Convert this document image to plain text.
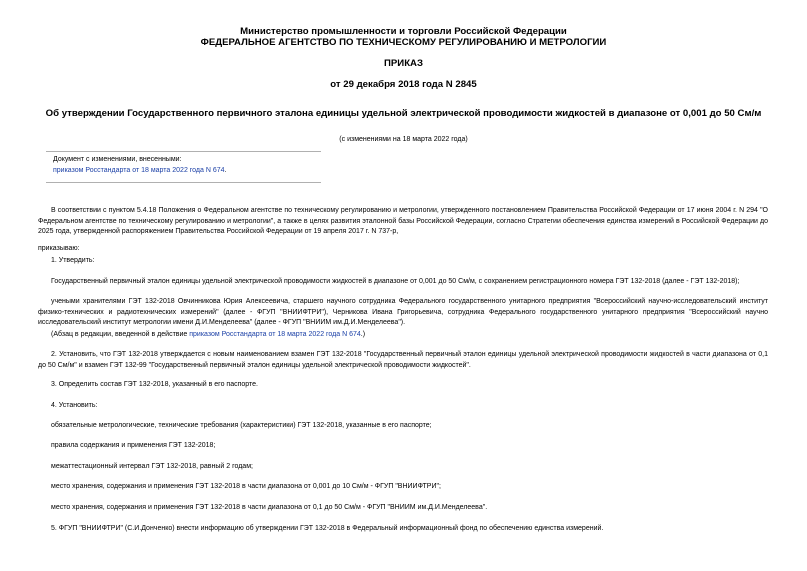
Министерство промышленности и торговли Российской Федерации

ФЕДЕРАЛЬНОЕ АГЕНТСТВО ПО ТЕХНИЧЕСКОМУ РЕГУЛИРОВАНИЮ И МЕТРОЛОГИИ

ПРИКАЗ

от 29 декабря 2018 года N 2845

Об утверждении Государственного первичного эталона единицы удельной электрической проводимости жидкостей в диапазоне от 0,001 до 50 См/м

(с изменениями на 18 марта 2022 года)

Документ с изменениями, внесенными:

приказом Росстандарта от 18 марта 2022 года N 674.

В соответствии с пунктом 5.4.18 Положения о Федеральном агентстве по техническому регулированию и метрологии, утвержденного постановлением Правительства Российской Федерации от 17 июня 2004 г. N 294 "О Федеральном агентстве по техническому регулированию и метрологии", а также в целях развития эталонной базы Российской Федерации, согласно Стратегии обеспечения единства измерений в Российской Федерации до 2025 года, утвержденной распоряжением Правительства Российской Федерации от 19 апреля 2017 г. N 737-р,

приказываю:

1. Утвердить:

Государственный первичный эталон единицы удельной электрической проводимости жидкостей в диапазоне от 0,001 до 50 См/м, с сохранением регистрационного номера ГЭТ 132-2018 (далее - ГЭТ 132-2018);

учеными хранителями ГЭТ 132-2018 Овчинникова Юрия Алексеевича, старшего научного сотрудника Федерального государственного унитарного предприятия "Всероссийский научно-исследовательский институт физико-технических и радиотехнических измерений" (далее - ФГУП "ВНИИФТРИ"), Черникова Ивана Григорьевича, сотрудника Федерального государственного унитарного предприятия "Всероссийский научно исследовательский институт метрологии имени Д.И.Менделеева" (далее - ФГУП "ВНИИМ им.Д.И.Менделеева").

(Абзац в редакции, введенной в действие приказом Росстандарта от 18 марта 2022 года N 674.)

2. Установить, что ГЭТ 132-2018 утверждается с новым наименованием взамен ГЭТ 132-2018 "Государственный первичный эталон единицы удельной электрической проводимости жидкостей в части диапазона от 0,1 до 50 См/м" и взамен ГЭТ 132-99 "Государственный первичный эталон единицы удельной электрической проводимости жидкостей".

3. Определить состав ГЭТ 132-2018, указанный в его паспорте.

4. Установить:

обязательные метрологические, технические требования (характеристики) ГЭТ 132-2018, указанные в его паспорте;

правила содержания и применения ГЭТ 132-2018;

межаттестационный интервал ГЭТ 132-2018, равный 2 годам;

место хранения, содержания и применения ГЭТ 132-2018 в части диапазона от 0,001 до 10 См/м - ФГУП "ВНИИФТРИ";

место хранения, содержания и применения ГЭТ 132-2018 в части диапазона от 0,1 до 50 См/м - ФГУП "ВНИИМ им.Д.И.Менделеева".

5. ФГУП "ВНИИФТРИ" (С.И.Донченко) внести информацию об утверждении ГЭТ 132-2018 в Федеральный информационный фонд по обеспечению единства измерений.
